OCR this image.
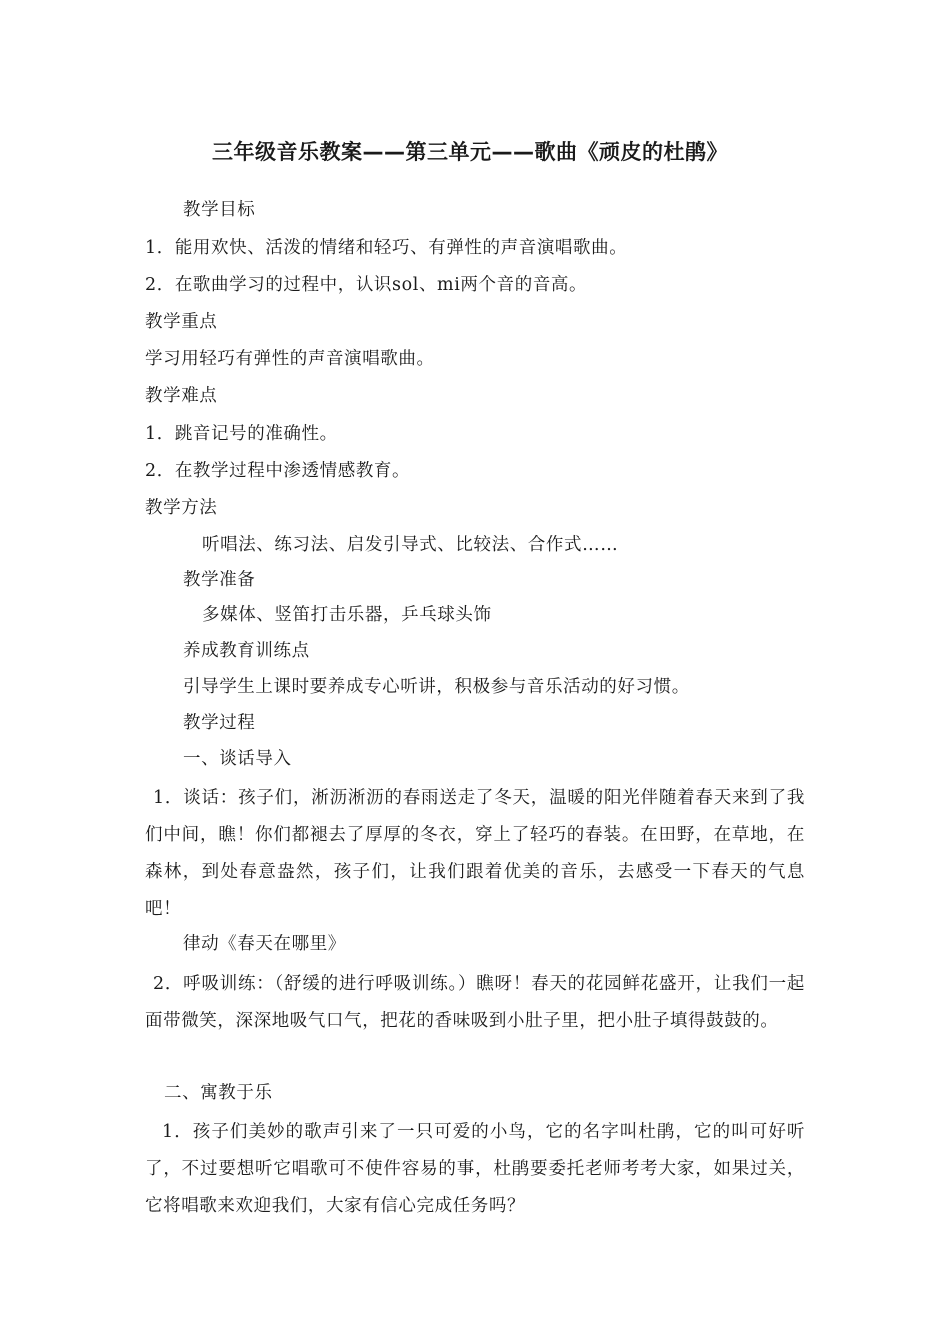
三年级音乐教案——第三单元——歌曲《顽皮的杜鹃》
教学目标
1．能用欢快、活泼的情绪和轻巧、有弹性的声音演唱歌曲。
2．在歌曲学习的过程中，认识sol、mi两个音的音高。
教学重点
学习用轻巧有弹性的声音演唱歌曲。
教学难点
1．跳音记号的准确性。
2．在教学过程中渗透情感教育。
教学方法
听唱法、练习法、启发引导式、比较法、合作式……
教学准备
多媒体、竖笛打击乐器，乒乓球头饰
养成教育训练点
引导学生上课时要养成专心听讲，积极参与音乐活动的好习惯。
教学过程
一、谈话导入
1．谈话：孩子们，淅沥淅沥的春雨送走了冬天，温暖的阳光伴随着春天来到了我们中间，瞧！你们都褪去了厚厚的冬衣，穿上了轻巧的春装。在田野，在草地，在森林，到处春意盎然，孩子们，让我们跟着优美的音乐，去感受一下春天的气息吧！
律动《春天在哪里》
2．呼吸训练：（舒缓的进行呼吸训练。）瞧呀！春天的花园鲜花盛开，让我们一起面带微笑，深深地吸气口气，把花的香味吸到小肚子里，把小肚子填得鼓鼓的。
二、寓教于乐
1．孩子们美妙的歌声引来了一只可爱的小鸟，它的名字叫杜鹃，它的叫可好听了，不过要想听它唱歌可不使件容易的事，杜鹃要委托老师考考大家，如果过关，它将唱歌来欢迎我们，大家有信心完成任务吗？
